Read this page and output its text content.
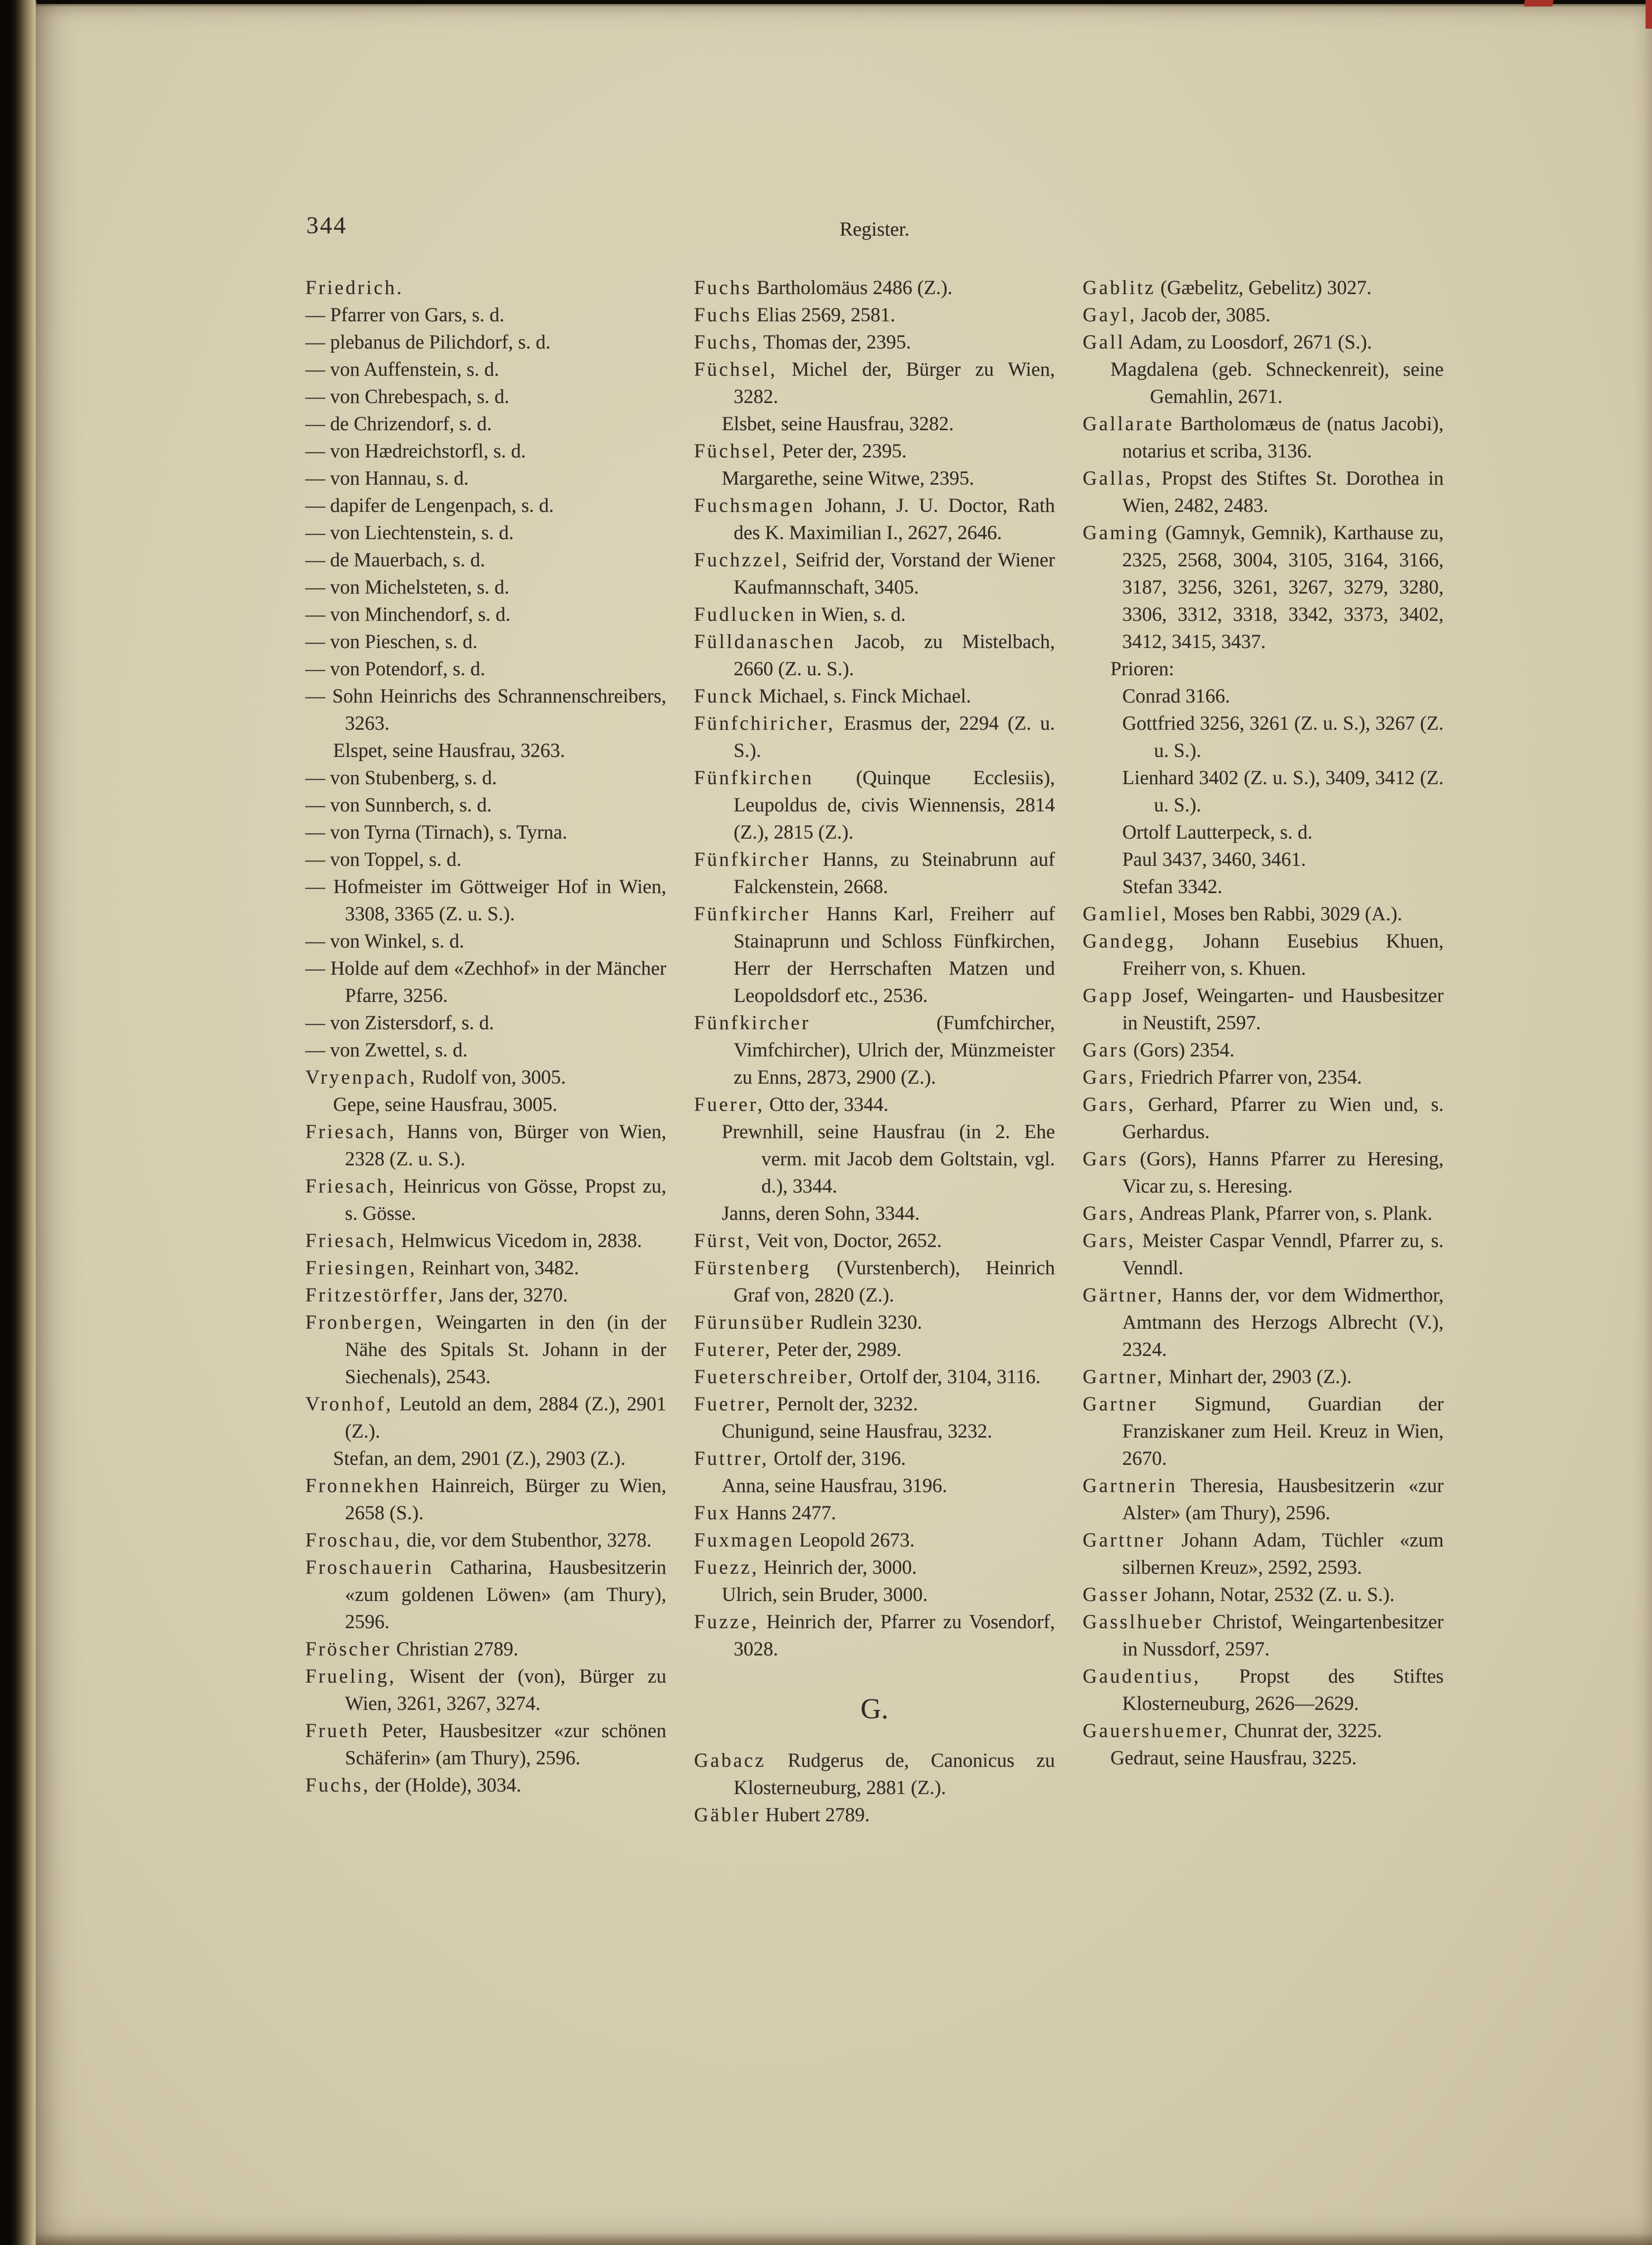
344	Register.

Friedrich.

— Pfarrer von Gars, s. d.

— plebanus de Pilichdorf, s. d.

— von Auffenstein, s. d.

— von Chrebespach, s. d.

— de Chrizendorf, s. d.

— von Hædreichstorfl, s. d.

— von Hannau, s. d.

— dapifer de Lengenpach, s. d.

— von Liechtenstein, s. d.

— de Mauerbach, s. d.

— von Michelsteten, s. d.

— von Minchendorf, s. d.

— von Pieschen, s. d.

— von Potendorf, s. d.

— Sohn Heinrichs des Schrannenschreibers, 3263.

Elspet, seine Hausfrau, 3263.

— von Stubenberg, s. d.

— von Sunnberch, s. d.

— von Tyrna (Tirnach), s. Tyrna.

— von Toppel, s. d.

— Hofmeister im Göttweiger Hof in Wien, 3308, 3365 (Z. u. S.).

— von Winkel, s. d.

— Holde auf dem «Zechhof» in der Mäncher Pfarre, 3256.

— von Zistersdorf, s. d.

— von Zwettel, s. d.

Vryenpach, Rudolf von, 3005.

Gepe, seine Hausfrau, 3005.

Friesach, Hanns von, Bürger von Wien, 2328 (Z. u. S.).

Friesach, Heinricus von Gösse, Propst zu, s. Gösse.

Friesach, Helmwicus Vicedom in, 2838.

Friesingen, Reinhart von, 3482.

Fritzestörffer, Jans der, 3270.

Fronbergen, Weingarten in den (in der Nähe des Spitals St. Johann in der Siechenals), 2543.

Vronhof, Leutold an dem, 2884 (Z.), 2901 (Z.).

Stefan, an dem, 2901 (Z.), 2903 (Z.).

Fronnekhen Hainreich, Bürger zu Wien, 2658 (S.).

Froschau, die, vor dem Stubenthor, 3278.

Froschauerin Catharina, Hausbesitzerin «zum goldenen Löwen» (am Thury), 2596.

Fröscher Christian 2789.

Frueling, Wisent der (von), Bürger zu Wien, 3261, 3267, 3274.

Frueth Peter, Hausbesitzer «zur schönen Schäferin» (am Thury), 2596.

Fuchs, der (Holde), 3034.

Fuchs Bartholomäus 2486 (Z.).

Fuchs Elias 2569, 2581.

Fuchs, Thomas der, 2395.

Füchsel, Michel der, Bürger zu Wien, 3282.

Elsbet, seine Hausfrau, 3282.

Füchsel, Peter der, 2395.

Margarethe, seine Witwe, 2395.

Fuchsmagen Johann, J. U. Doctor, Rath des K. Maximilian I., 2627, 2646.

Fuchzzel, Seifrid der, Vorstand der Wiener Kaufmannschaft, 3405.

Fudlucken in Wien, s. d.

Fülldanaschen Jacob, zu Mistelbach, 2660 (Z. u. S.).

Funck Michael, s. Finck Michael.

Fünfchiricher, Erasmus der, 2294 (Z. u. S.).

Fünfkirchen (Quinque Ecclesiis), Leupoldus de, civis Wiennensis, 2814 (Z.), 2815 (Z.).

Fünfkircher Hanns, zu Steinabrunn auf Falckenstein, 2668.

Fünfkircher Hanns Karl, Freiherr auf Stainaprunn und Schloss Fünfkirchen, Herr der Herrschaften Matzen und Leopoldsdorf etc., 2536.

Fünfkircher (Fumfchircher, Vimfchircher), Ulrich der, Münzmeister zu Enns, 2873, 2900 (Z.).

Fuerer, Otto der, 3344.

Prewnhill, seine Hausfrau (in 2. Ehe verm. mit Jacob dem Goltstain, vgl. d.), 3344.

Janns, deren Sohn, 3344.

Fürst, Veit von, Doctor, 2652.

Fürstenberg (Vurstenberch), Heinrich Graf von, 2820 (Z.).

Fürunsüber Rudlein 3230.

Futerer, Peter der, 2989.

Fueterschreiber, Ortolf der, 3104, 3116.

Fuetrer, Pernolt der, 3232.

Chunigund, seine Hausfrau, 3232.

Futtrer, Ortolf der, 3196.

Anna, seine Hausfrau, 3196.

Fux Hanns 2477.

Fuxmagen Leopold 2673.

Fuezz, Heinrich der, 3000.

Ulrich, sein Bruder, 3000.

Fuzze, Heinrich der, Pfarrer zu Vosendorf, 3028.

G.

Gabacz Rudgerus de, Canonicus zu Klosterneuburg, 2881 (Z.).

Gäbler Hubert 2789.

Gablitz (Gæbelitz, Gebelitz) 3027.

Gayl, Jacob der, 3085.

Gall Adam, zu Loosdorf, 2671 (S.).

Magdalena (geb. Schneckenreit), seine Gemahlin, 2671.

Gallarate Bartholomæus de (natus Jacobi), notarius et scriba, 3136.

Gallas, Propst des Stiftes St. Dorothea in Wien, 2482, 2483.

Gaming (Gamnyk, Gemnik), Karthause zu, 2325, 2568, 3004, 3105, 3164, 3166, 3187, 3256, 3261, 3267, 3279, 3280, 3306, 3312, 3318, 3342, 3373, 3402, 3412, 3415, 3437.

Prioren:

Conrad 3166.

Gottfried 3256, 3261 (Z. u. S.), 3267 (Z. u. S.).

Lienhard 3402 (Z. u. S.), 3409, 3412 (Z. u. S.).

Ortolf Lautterpeck, s. d.

Paul 3437, 3460, 3461.

Stefan 3342.

Gamliel, Moses ben Rabbi, 3029 (A.).

Gandegg, Johann Eusebius Khuen, Freiherr von, s. Khuen.

Gapp Josef, Weingarten- und Hausbesitzer in Neustift, 2597.

Gars (Gors) 2354.

Gars, Friedrich Pfarrer von, 2354.

Gars, Gerhard, Pfarrer zu Wien und, s. Gerhardus.

Gars (Gors), Hanns Pfarrer zu Heresing, Vicar zu, s. Heresing.

Gars, Andreas Plank, Pfarrer von, s. Plank.

Gars, Meister Caspar Venndl, Pfarrer zu, s. Venndl.

Gärtner, Hanns der, vor dem Widmerthor, Amtmann des Herzogs Albrecht (V.), 2324.

Gartner, Minhart der, 2903 (Z.).

Gartner Sigmund, Guardian der Franziskaner zum Heil. Kreuz in Wien, 2670.

Gartnerin Theresia, Hausbesitzerin «zur Alster» (am Thury), 2596.

Garttner Johann Adam, Tüchler «zum silbernen Kreuz», 2592, 2593.

Gasser Johann, Notar, 2532 (Z. u. S.).

Gasslhueber Christof, Weingartenbesitzer in Nussdorf, 2597.

Gaudentius, Propst des Stiftes Klosterneuburg, 2626—2629.

Gauershuemer, Chunrat der, 3225.

Gedraut, seine Hausfrau, 3225.
